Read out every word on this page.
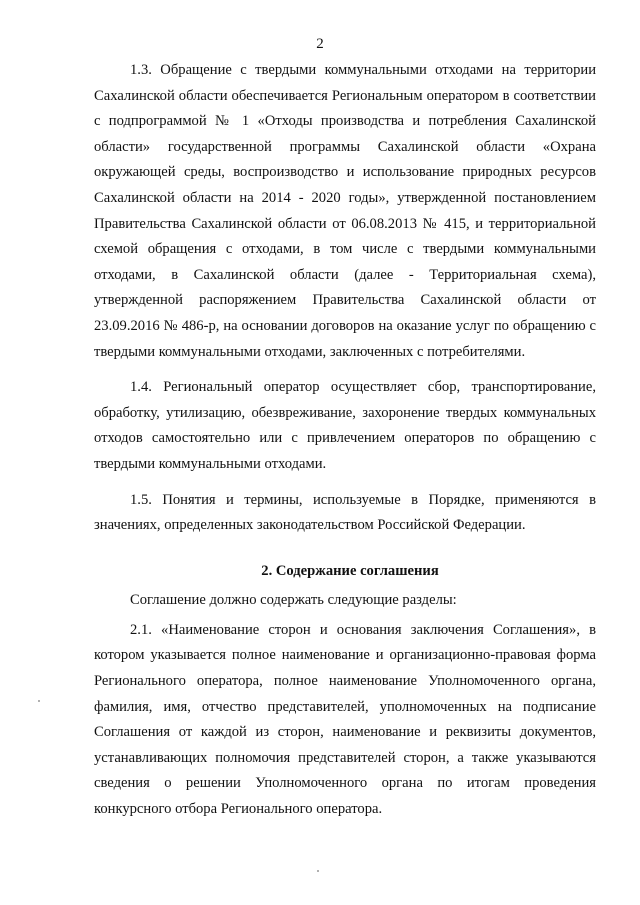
2

1.3. Обращение с твердыми коммунальными отходами на территории Сахалинской области обеспечивается Региональным оператором в соответствии с подпрограммой № 1 «Отходы производства и потребления Сахалинской области» государственной программы Сахалинской области «Охрана окружающей среды, воспроизводство и использование природных ресурсов Сахалинской области на 2014 - 2020 годы», утвержденной постановлением Правительства Сахалинской области от 06.08.2013 № 415, и территориальной схемой обращения с отходами, в том числе с твердыми коммунальными отходами, в Сахалинской области (далее - Территориальная схема), утвержденной распоряжением Правительства Сахалинской области от 23.09.2016 № 486-р, на основании договоров на оказание услуг по обращению с твердыми коммунальными отходами, заключенных с потребителями.

1.4. Региональный оператор осуществляет сбор, транспортирование, обработку, утилизацию, обезвреживание, захоронение твердых коммунальных отходов самостоятельно или с привлечением операторов по обращению с твердыми коммунальными отходами.

1.5. Понятия и термины, используемые в Порядке, применяются в значениях, определенных законодательством Российской Федерации.

2. Содержание соглашения

Соглашение должно содержать следующие разделы:

2.1. «Наименование сторон и основания заключения Соглашения», в котором указывается полное наименование и организационно-правовая форма Регионального оператора, полное наименование Уполномоченного органа, фамилия, имя, отчество представителей, уполномоченных на подписание Соглашения от каждой из сторон, наименование и реквизиты документов, устанавливающих полномочия представителей сторон, а также указываются сведения о решении Уполномоченного органа по итогам проведения конкурсного отбора Регионального оператора.
